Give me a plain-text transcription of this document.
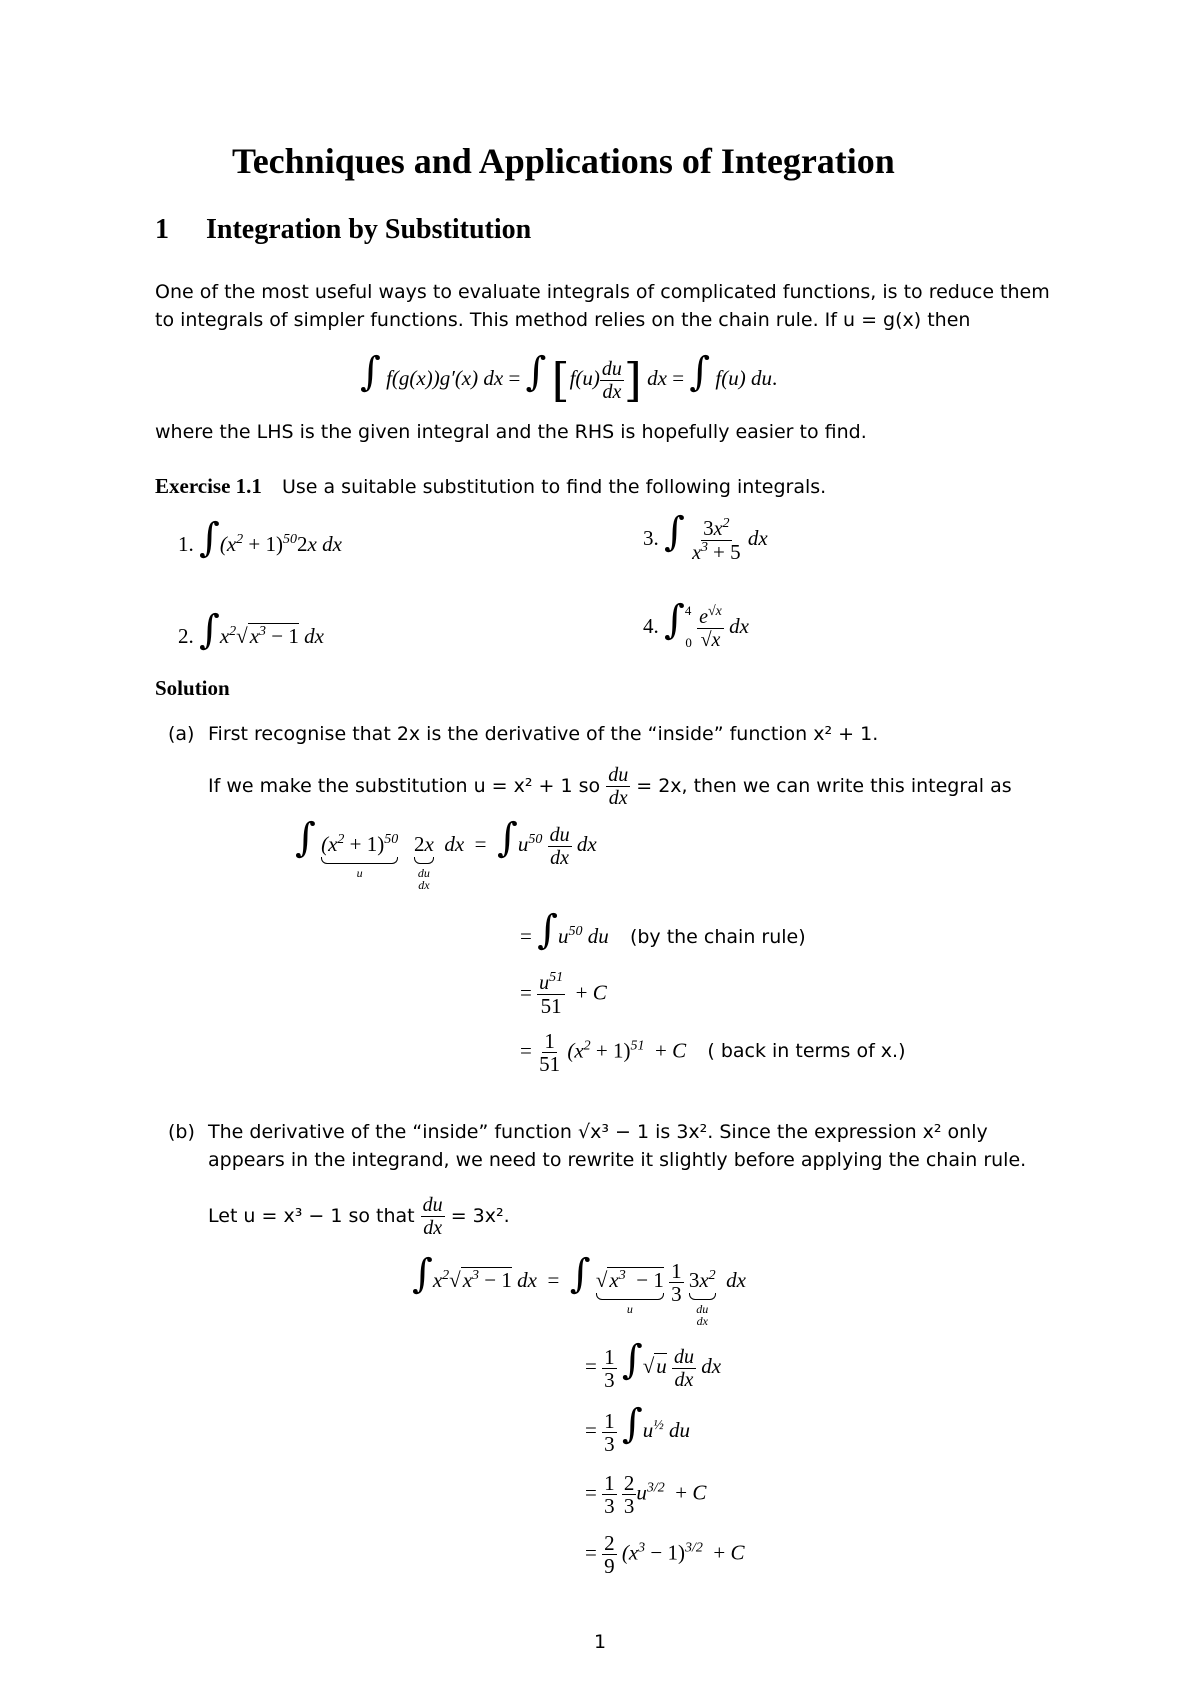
Techniques and Applications of Integration
1 Integration by Substitution
One of the most useful ways to evaluate integrals of complicated functions, is to reduce them
to integrals of simpler functions. This method relies on the chain rule. If u = g(x) then
∫ f(g(x))g′(x) dx = ∫ [$f(u) \frac{du}{dx}$ ] dx = ∫ f(u) du.
where the LHS is the given integral and the RHS is hopefully easier to find.
Exercise 1.1 Use a suitable substitution to find the following integrals.
1. $\int(x^2 + 1)^{50}2x$ dx	3. ∫ $\frac{3x^2}{x^3 + 5}$ dx
2. $\int x^2√x^3 - 1$ dx	4. $\int^4_0 \frac{e^{√x}}{√x}$ dx
Solution
(a) First recognise that 2x is the derivative of the “inside” function x² + 1.
If we make the substitution u = x² + 1 so $\frac{du}{dx} = 2x$, then we can write this integral as
∫ $(x^2 + 1)^{50}$
u
2x
du
dx
dx  =  $\int u^{50} \frac{du}{dx}$ dx
= $\int u^{50}$ du (by the chain rule)
= $\frac{u^{51}}{51} + C$
= $\frac{1}{51} (x^2 + 1)^{51} + C$ ( back in terms of x.)
(b) The derivative of the “inside” function √x³ − 1 is 3x². Since the expression x² only
appears in the integrand, we need to rewrite it slightly before applying the chain rule.
Let u = x³ − 1 so that $\frac{du}{dx} = 3x^2$.
$\int x^2√x^3 - 1$ dx  =  ∫ $√x^3 - 1$
u

$\frac{1}{3} 3x^2$
du
dx
dx
= $\frac{1}{3} \int√u \frac{du}{dx}$ dx
= $\frac{1}{3} \int u^{\frac{1}{2}}$ du
= $\frac{1}{3}$
$\frac{2}{3} u^{3/2} + C$
= $\frac{2}{9} (x^3 - 1)^{3/2} + C$
1
